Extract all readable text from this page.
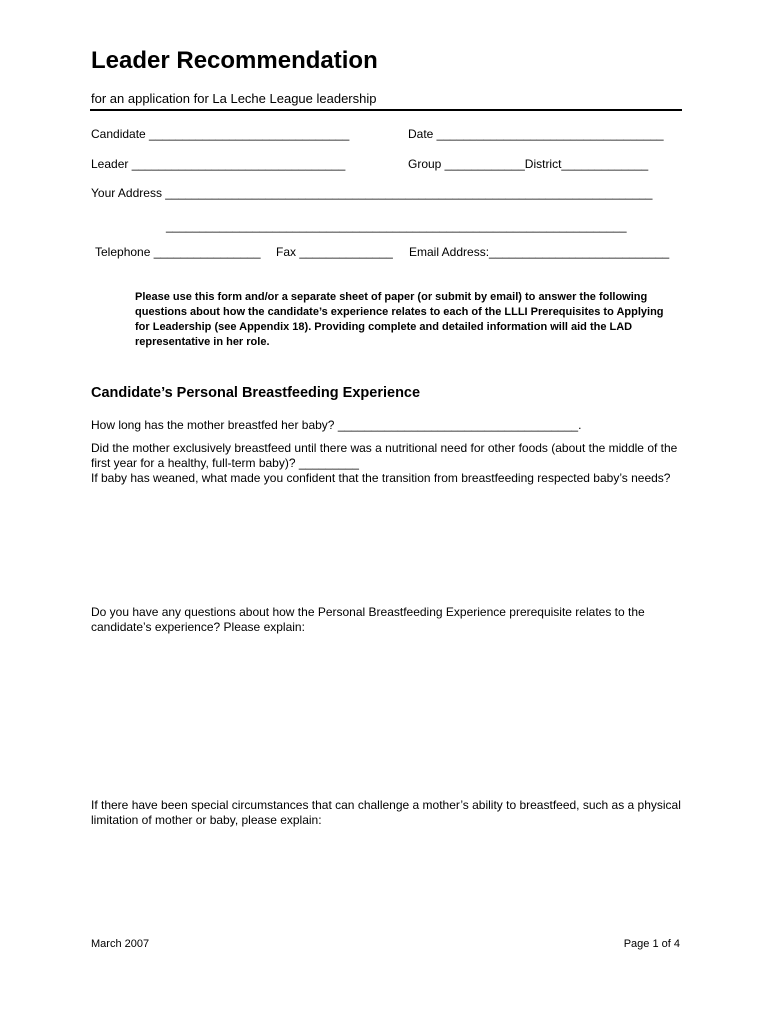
Leader Recommendation
for an application for La Leche League leadership
Candidate ______________________________	Date __________________________________
Leader ________________________________	Group ____________District_____________
Your Address _________________________________________________________________________
_____________________________________________________________________
Telephone ________________ Fax ______________ Email Address:___________________________
Please use this form and/or a separate sheet of paper (or submit by email) to answer the following questions about how the candidate’s experience relates to each of the LLLI Prerequisites to Applying for Leadership (see Appendix 18). Providing complete and detailed information will aid the LAD representative in her role.
Candidate’s Personal Breastfeeding Experience
How long has the mother breastfed her baby? ____________________________________.
Did the mother exclusively breastfeed until there was a nutritional need for other foods (about the middle of the first year for a healthy, full-term baby)? _________
If baby has weaned, what made you confident that the transition from breastfeeding respected baby’s needs?
Do you have any questions about how the Personal Breastfeeding Experience prerequisite relates to the candidate’s experience? Please explain:
If there have been special circumstances that can challenge a mother’s ability to breastfeed, such as a physical limitation of mother or baby, please explain:
March 2007	Page 1 of 4
